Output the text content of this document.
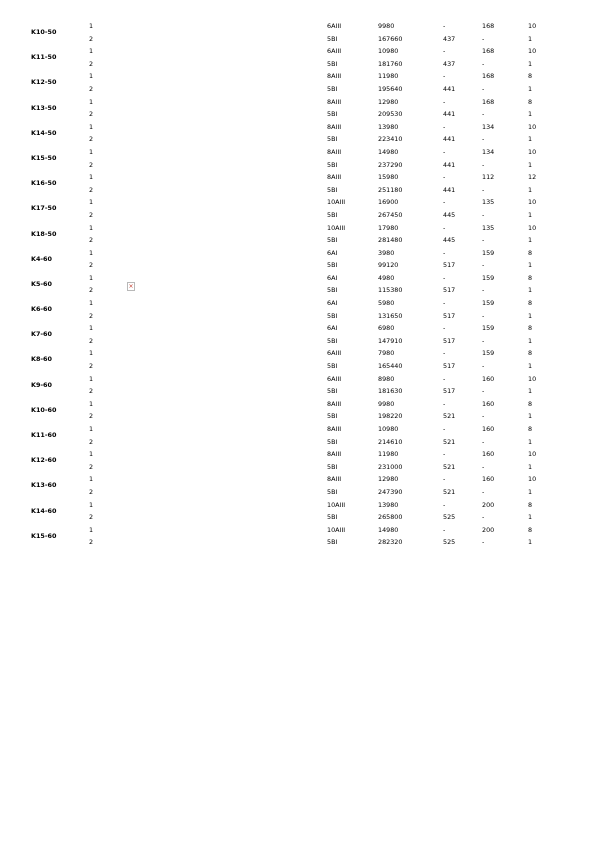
K10-50
1	6AIII	9980	-	168	10
2	5BI	167660	437	-	1
K11-50
1	6AIII	10980	-	168	10
2	5BI	181760	437	-	1
K12-50
1	8AIII	11980	-	168	8
2	5BI	195640	441	-	1
K13-50
1	8AIII	12980	-	168	8
2	5BI	209530	441	-	1
K14-50
1	8AIII	13980	-	134	10
2	5BI	223410	441	-	1
K15-50
1	8AIII	14980	-	134	10
2	5BI	237290	441	-	1
K16-50
1	8AIII	15980	-	112	12
2	5BI	251180	441	-	1
K17-50
1	10AIII	16900	-	135	10
2	5BI	267450	445	-	1
K18-50
1	10AIII	17980	-	135	10
2	5BI	281480	445	-	1
K4-60
1	6AI	3980	-	159	8
2	5BI	99120	517	-	1
K5-60
1	6AI	4980	-	159	8
2	5BI	115380	517	-	1
K6-60
1	6AI	5980	-	159	8
2	5BI	131650	517	-	1
K7-60
1	6AI	6980	-	159	8
2	5BI	147910	517	-	1
K8-60
1	6AIII	7980	-	159	8
2	5BI	165440	517	-	1
K9-60
1	6AIII	8980	-	160	10
2	5BI	181630	517	-	1
K10-60
1	8AIII	9980	-	160	8
2	5BI	198220	521	-	1
K11-60
1	8AIII	10980	-	160	8
2	5BI	214610	521	-	1
K12-60
1	8AIII	11980	-	160	10
2	5BI	231000	521	-	1
K13-60
1	8AIII	12980	-	160	10
2	5BI	247390	521	-	1
K14-60
1	10AIII	13980	-	200	8
2	5BI	265800	525	-	1
K15-60
1	10AIII	14980	-	200	8
2	5BI	282320	525	-	1
×
